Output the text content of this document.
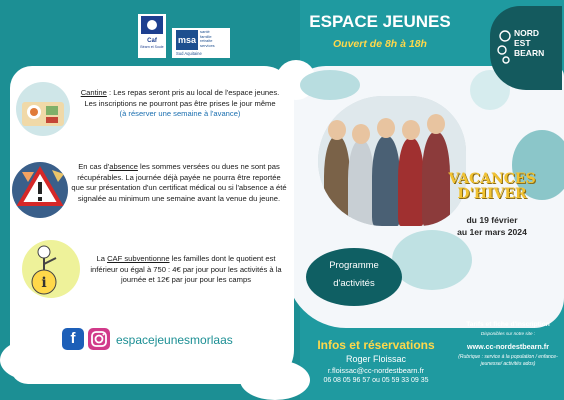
Caf
Béarn et Soule
msa
santé
famille
retraite
services
Sud Aquitaine
ESPACE JEUNES
Ouvert de 8h à 18h
NORD
EST
BEARN
Cantine : Les repas seront pris au local de l'espace jeunes. Les inscriptions ne pourront pas être prises le jour même
(à réserver une semaine à l'avance)
En cas d'absence les sommes versées ou dues ne sont pas récupérables. La journée déjà payée ne pourra être reportée que sur présentation d'un certificat médical ou si l'absence a été signalée au minimum une semaine avant la venue du jeune.
i
La CAF subventionne les familles dont le quotient est inférieur ou égal à 750 : 4€ par jour pour les activités à la journée et 12€ par jour pour les camps
f	espacejeunesmorlaas
VACANCES
D'HIVER
du 19 février
au 1er mars 2024
Programme
d'activités
Infos et réservations
Roger Floissac
r.floissac@cc-nordestbearn.fr
06 08 05 96 57 ou 05 59 33 09 35
Tarifs et fiche d'inscription
Disponibles sur notre site :
www.cc-nordestbearn.fr
(Rubrique : service à la population / enfance-jeunesse/ activités ados)
